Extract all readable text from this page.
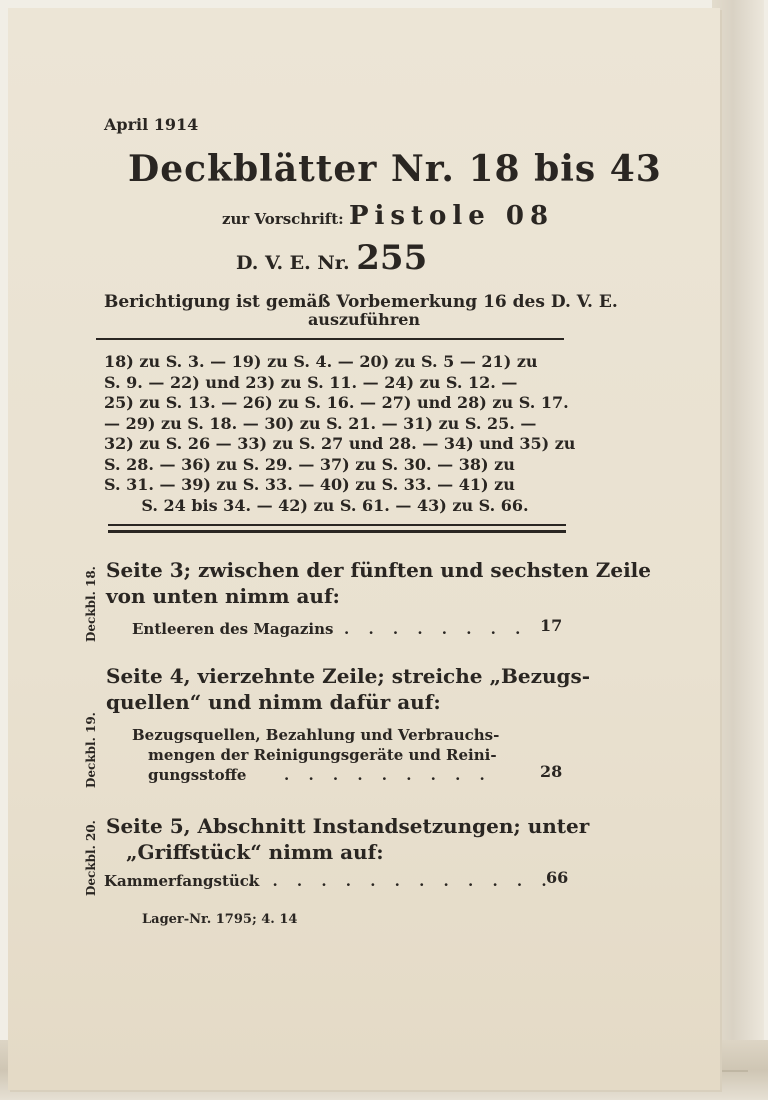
April 1914
Deckblätter Nr. 18 bis 43
zur Vorschrift: Pistole 08
D. V. E. Nr. 255
Berichtigung ist gemäß Vorbemerkung 16 des D. V. E.
auszuführen
18) zu S. 3. — 19) zu S. 4. — 20) zu S. 5 — 21) zu
S. 9. — 22) und 23) zu S. 11. — 24) zu S. 12. —
25) zu S. 13. — 26) zu S. 16. — 27) und 28) zu S. 17.
— 29) zu S. 18. — 30) zu S. 21. — 31) zu S. 25. —
32) zu S. 26 — 33) zu S. 27 und 28. — 34) und 35) zu
S. 28. — 36) zu S. 29. — 37) zu S. 30. — 38) zu
S. 31. — 39) zu S. 33. — 40) zu S. 33. — 41) zu
S. 24 bis 34. — 42) zu S. 61. — 43) zu S. 66.
Deckbl. 18. Seite 3; zwischen der fünften und sechsten Zeile
von unten nimm auf:
Entleeren des Magazins . . . . . . . . 17
Deckbl. 19.
Seite 4, vierzehnte Zeile; streiche „Bezugs-
quellen“ und nimm dafür auf:
Bezugsquellen, Bezahlung und Verbrauchs-
mengen der Reinigungsgeräte und Reini-
gungsstoffe	. . . . . . . . .	28
Deckbl. 20. Seite 5, Abschnitt Instandsetzungen; unter
„Griffstück“ nimm auf:
Kammerfangstück
. . . . . . . . . . . . .
66
Lager-Nr. 1795; 4. 14
